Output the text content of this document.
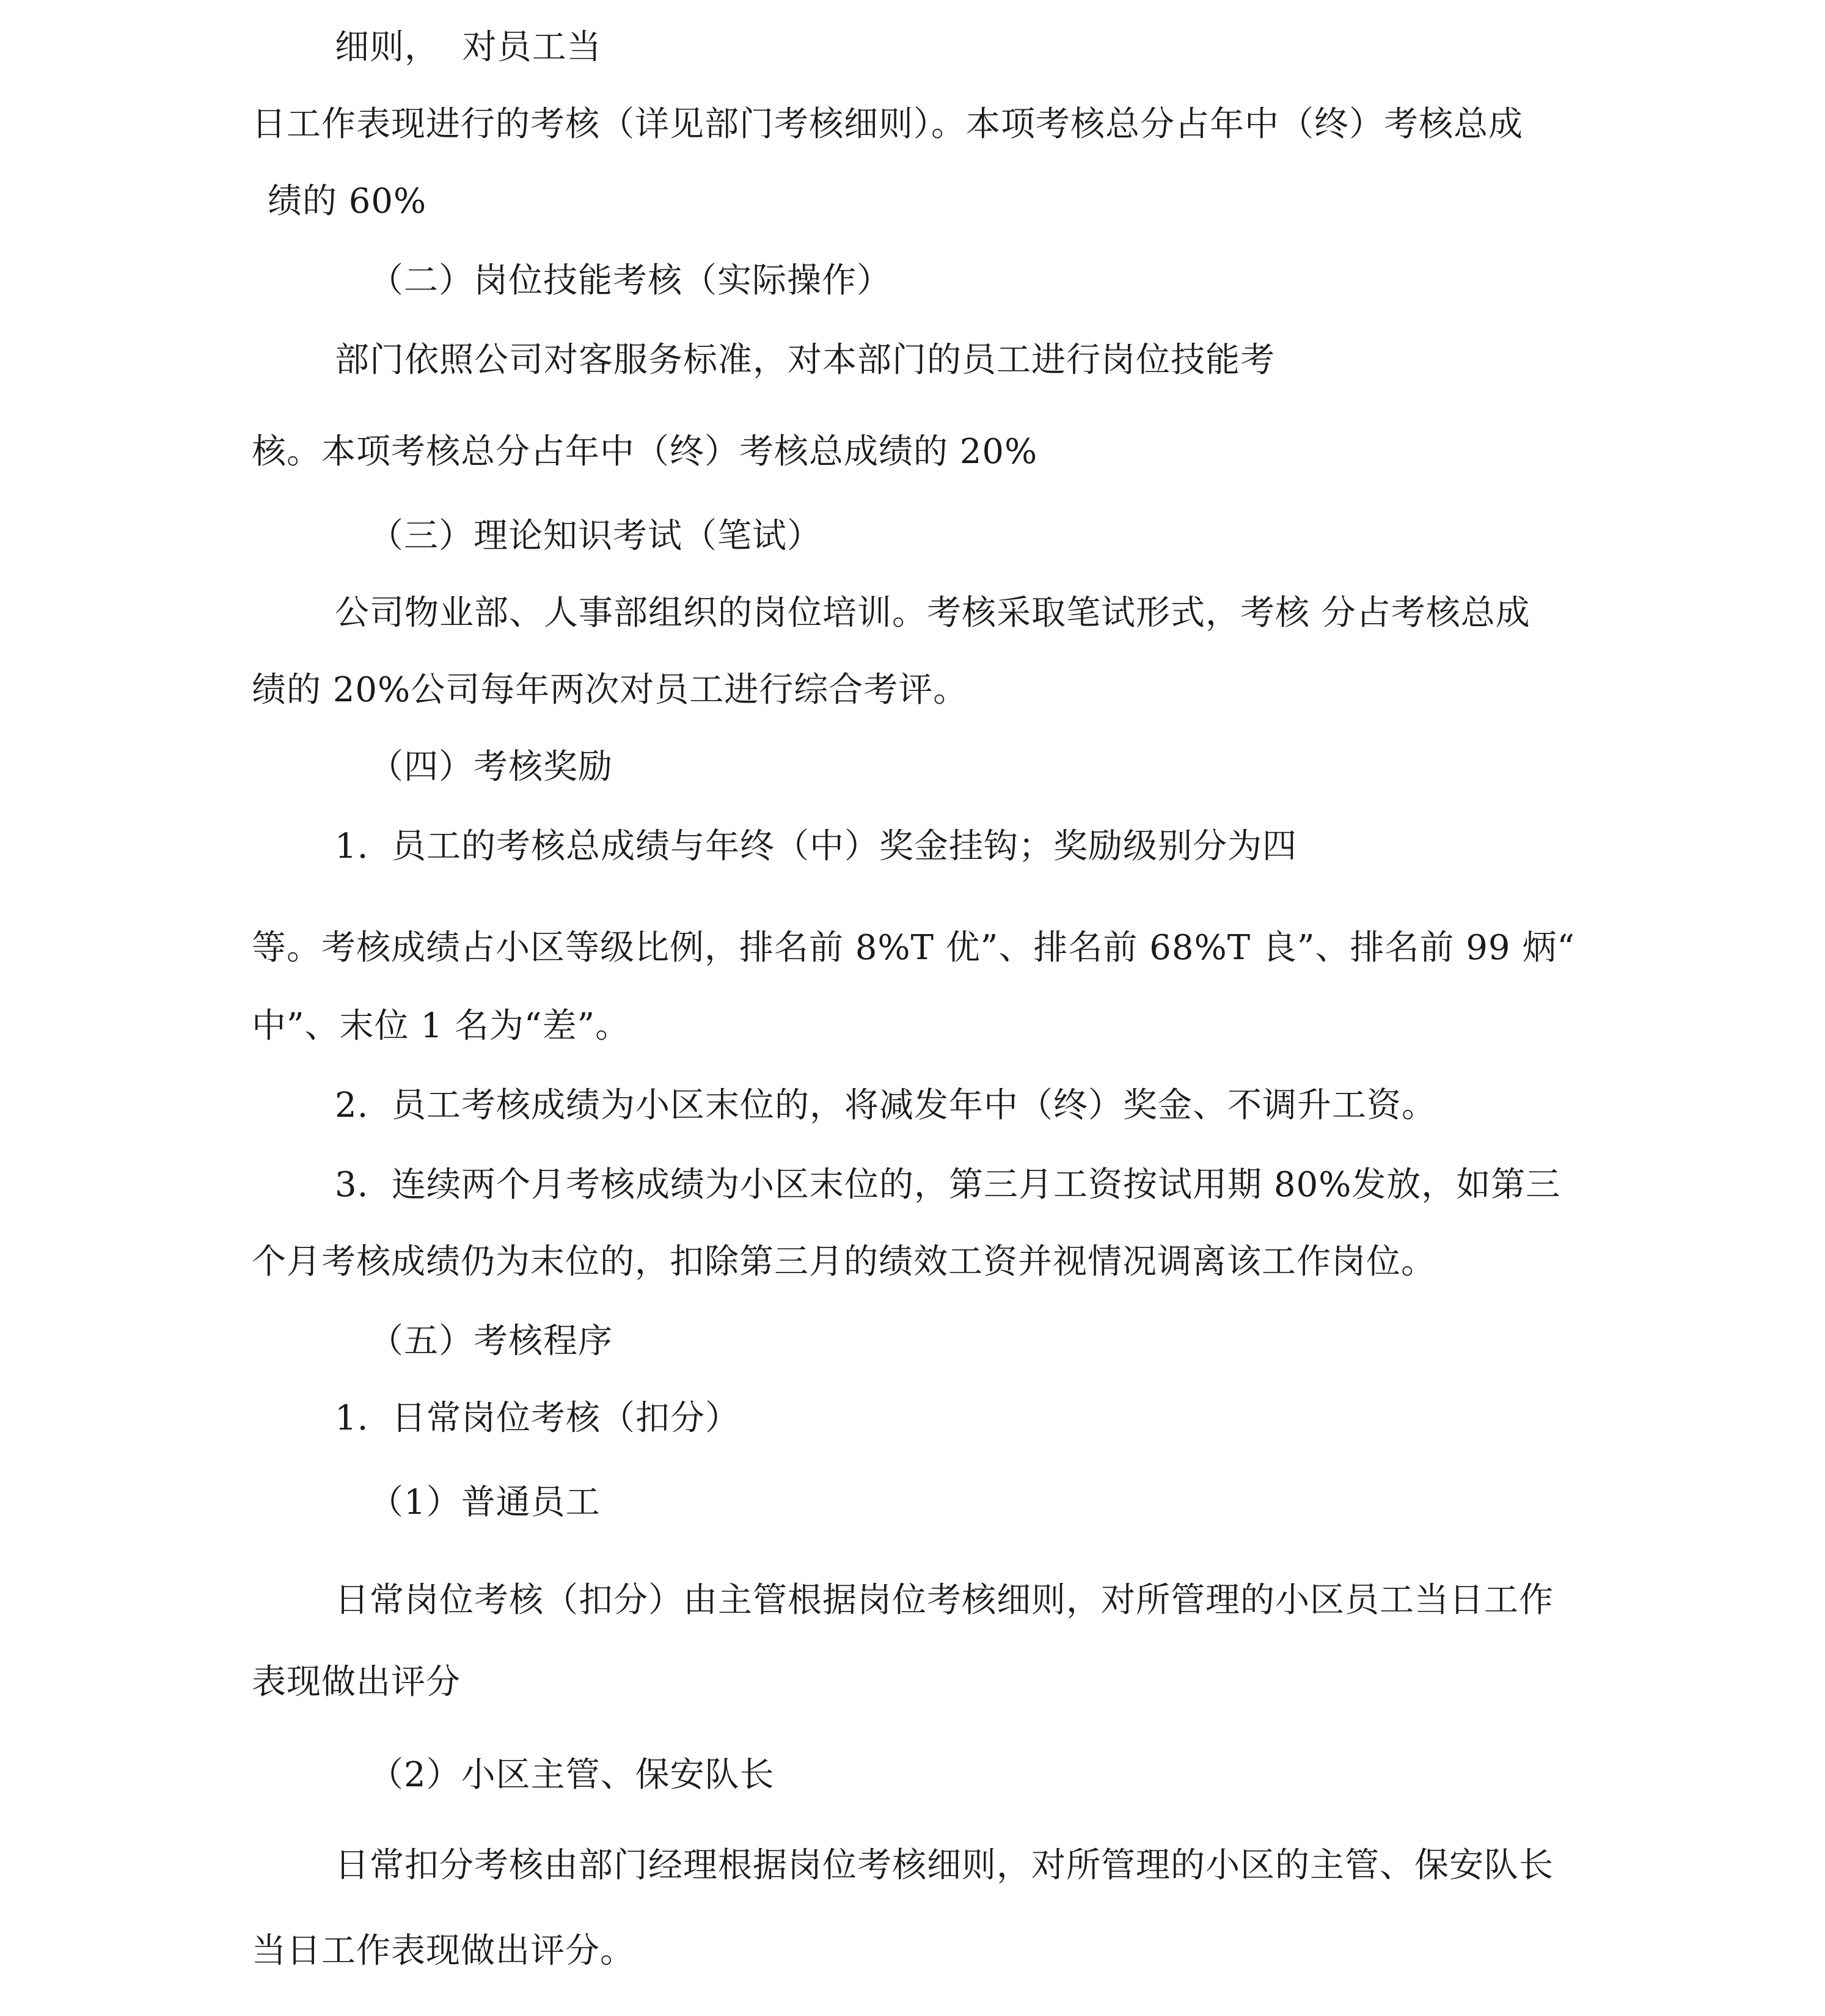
细则，  对员工当
日工作表现进行的考核（详见部门考核细则）。本项考核总分占年中（终）考核总成
绩的 60%
（二）岗位技能考核（实际操作）
部门依照公司对客服务标准，对本部门的员工进行岗位技能考
核。本项考核总分占年中（终）考核总成绩的 20%
（三）理论知识考试（笔试）
公司物业部、人事部组织的岗位培训。考核采取笔试形式，考核 分占考核总成
绩的 20%公司每年两次对员工进行综合考评。
（四）考核奖励
1.  员工的考核总成绩与年终（中）奖金挂钩；奖励级别分为四
等。考核成绩占小区等级比例，排名前 8%T 优”、排名前 68%T 良”、排名前 99 炳“
中”、末位 1 名为“差”。
2.  员工考核成绩为小区末位的，将减发年中（终）奖金、不调升工资。
3.  连续两个月考核成绩为小区末位的，第三月工资按试用期 80%发放，如第三
个月考核成绩仍为末位的，扣除第三月的绩效工资并视情况调离该工作岗位。
（五）考核程序
1.  日常岗位考核（扣分）
（1）普通员工
日常岗位考核（扣分）由主管根据岗位考核细则，对所管理的小区员工当日工作
表现做出评分
（2）小区主管、保安队长
日常扣分考核由部门经理根据岗位考核细则，对所管理的小区的主管、保安队长
当日工作表现做出评分。
